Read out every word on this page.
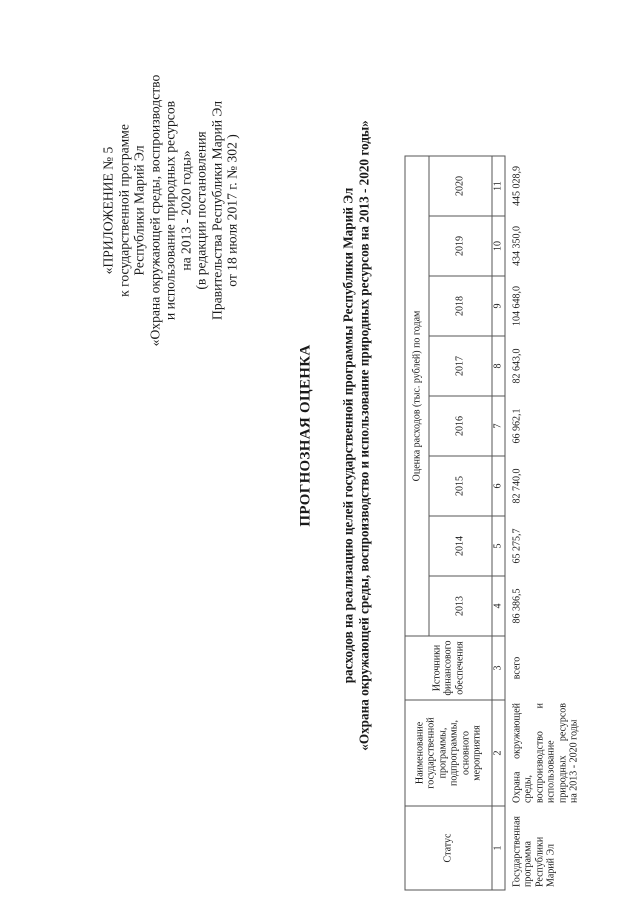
«ПРИЛОЖЕНИЕ № 5 к государственной программе Республики Марий Эл «Охрана окружающей среды, воспроизводство и использование природных ресурсов на 2013 - 2020 годы» (в редакции постановления Правительства Республики Марий Эл от 18 июля 2017 г. № 302 )
ПРОГНОЗНАЯ ОЦЕНКА расходов на реализацию целей государственной программы Республики Марий Эл «Охрана окружающей среды, воспроизводство и использование природных ресурсов на 2013 - 2020 годы»
Статус	Наименование государственной программы, подпрограммы, основного мероприятия	Источники финансового обеспечения	Оценка расходов (тыс. рублей) по годам							
			2013	2014	2015	2016	2017	2018	2019	2020
1	2	3	4	5	6	7	8	9	10	11
Государственная программа Республики Марий Эл	Охрана окружающей среды, воспроизводство и использование природных ресурсов на 2013 - 2020 годы	всего	86 386,5	65 275,7	82 740,0	66 962,1	82 643,0	104 648,0	434 350,0	445 028,9
